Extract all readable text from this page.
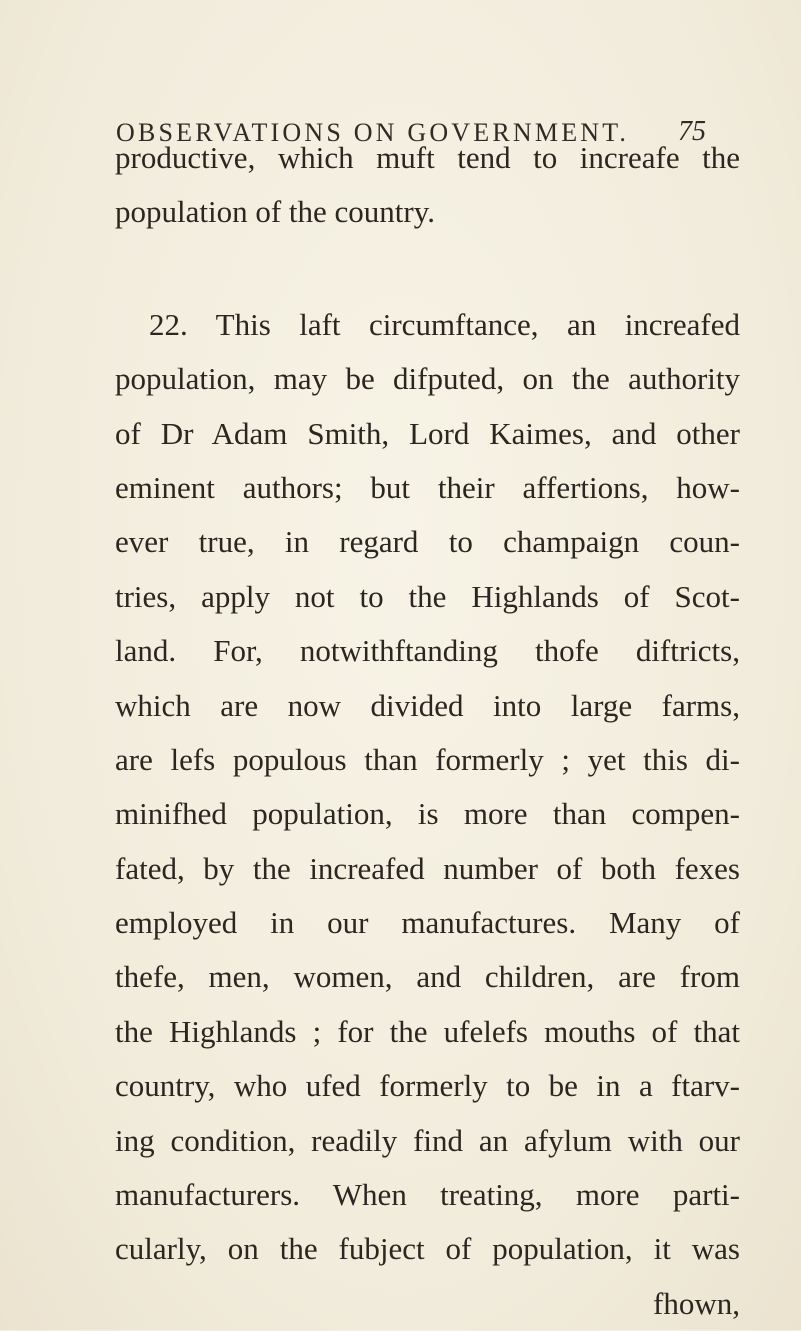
OBSERVATIONS ON GOVERNMENT. 75
productive, which muft tend to increafe the
population of the country.
22. This laft circumftance, an increafed
population, may be difputed, on the authority
of Dr Adam Smith, Lord Kaimes, and other
eminent authors; but their affertions, how-
ever true, in regard to champaign coun-
tries, apply not to the Highlands of Scot-
land. For, notwithftanding thofe diftricts,
which are now divided into large farms,
are lefs populous than formerly ; yet this di-
minifhed population, is more than compen-
fated, by the increafed number of both fexes
employed in our manufactures. Many of
thefe, men, women, and children, are from
the Highlands ; for the ufelefs mouths of that
country, who ufed formerly to be in a ftarv-
ing condition, readily find an afylum with our
manufacturers. When treating, more parti-
cularly, on the fubject of population, it was
fhown,
